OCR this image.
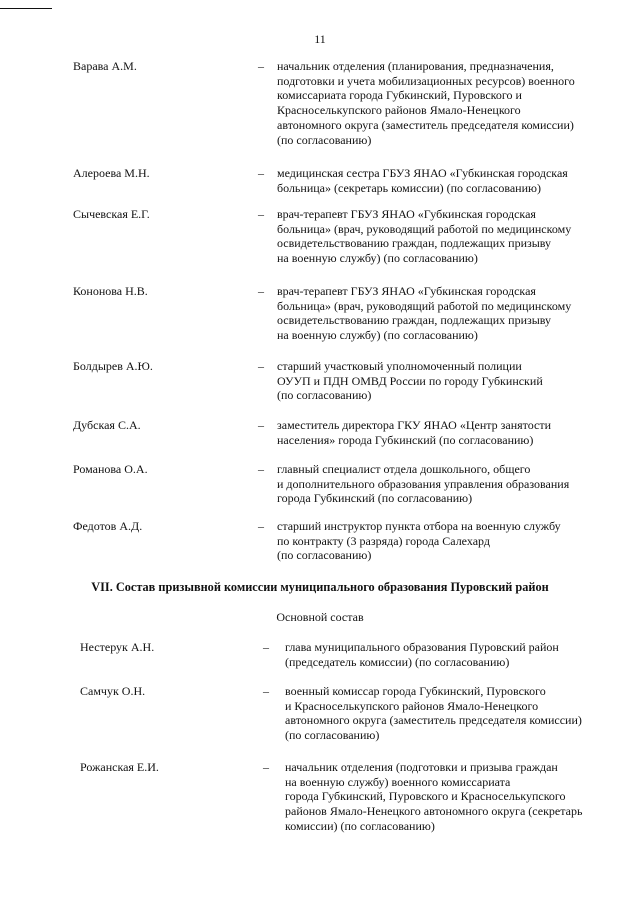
11
Варава А.М.	– начальник отделения (планирования, предназначения,
подготовки и учета мобилизационных ресурсов) военного
комиссариата города Губкинский, Пуровского и
Красноселькупского районов Ямало-Ненецкого
автономного округа (заместитель председателя комиссии)
(по согласованию)
Алероева М.Н.	– медицинская сестра ГБУЗ ЯНАО «Губкинская городская
больница» (секретарь комиссии) (по согласованию)
Сычевская Е.Г.	– врач-терапевт ГБУЗ ЯНАО «Губкинская городская
больница» (врач, руководящий работой по медицинскому
освидетельствованию граждан, подлежащих призыву
на военную службу) (по согласованию)
Кононова Н.В.	– врач-терапевт ГБУЗ ЯНАО «Губкинская городская
больница» (врач, руководящий работой по медицинскому
освидетельствованию граждан, подлежащих призыву
на военную службу) (по согласованию)
Болдырев А.Ю.	– старший участковый уполномоченный полиции
ОУУП и ПДН ОМВД России по городу Губкинский
(по согласованию)
Дубская С.А.	– заместитель директора ГКУ ЯНАО «Центр занятости
населения» города Губкинский (по согласованию)
Романова О.А.	– главный специалист отдела дошкольного, общего
и дополнительного образования управления образования
города Губкинский (по согласованию)
Федотов А.Д.	– старший инструктор пункта отбора на военную службу
по контракту (3 разряда) города Салехард
(по согласованию)
VII. Состав призывной комиссии муниципального образования Пуровский район
Основной состав
Нестерук А.Н.	– глава муниципального образования Пуровский район
(председатель комиссии) (по согласованию)
Самчук О.Н.	– военный комиссар города Губкинский, Пуровского
и Красноселькупского районов Ямало-Ненецкого
автономного округа (заместитель председателя комиссии)
(по согласованию)
Рожанская Е.И.	– начальник отделения (подготовки и призыва граждан
на военную службу) военного комиссариата
города Губкинский, Пуровского и Красноселькупского
районов Ямало-Ненецкого автономного округа (секретарь
комиссии) (по согласованию)
